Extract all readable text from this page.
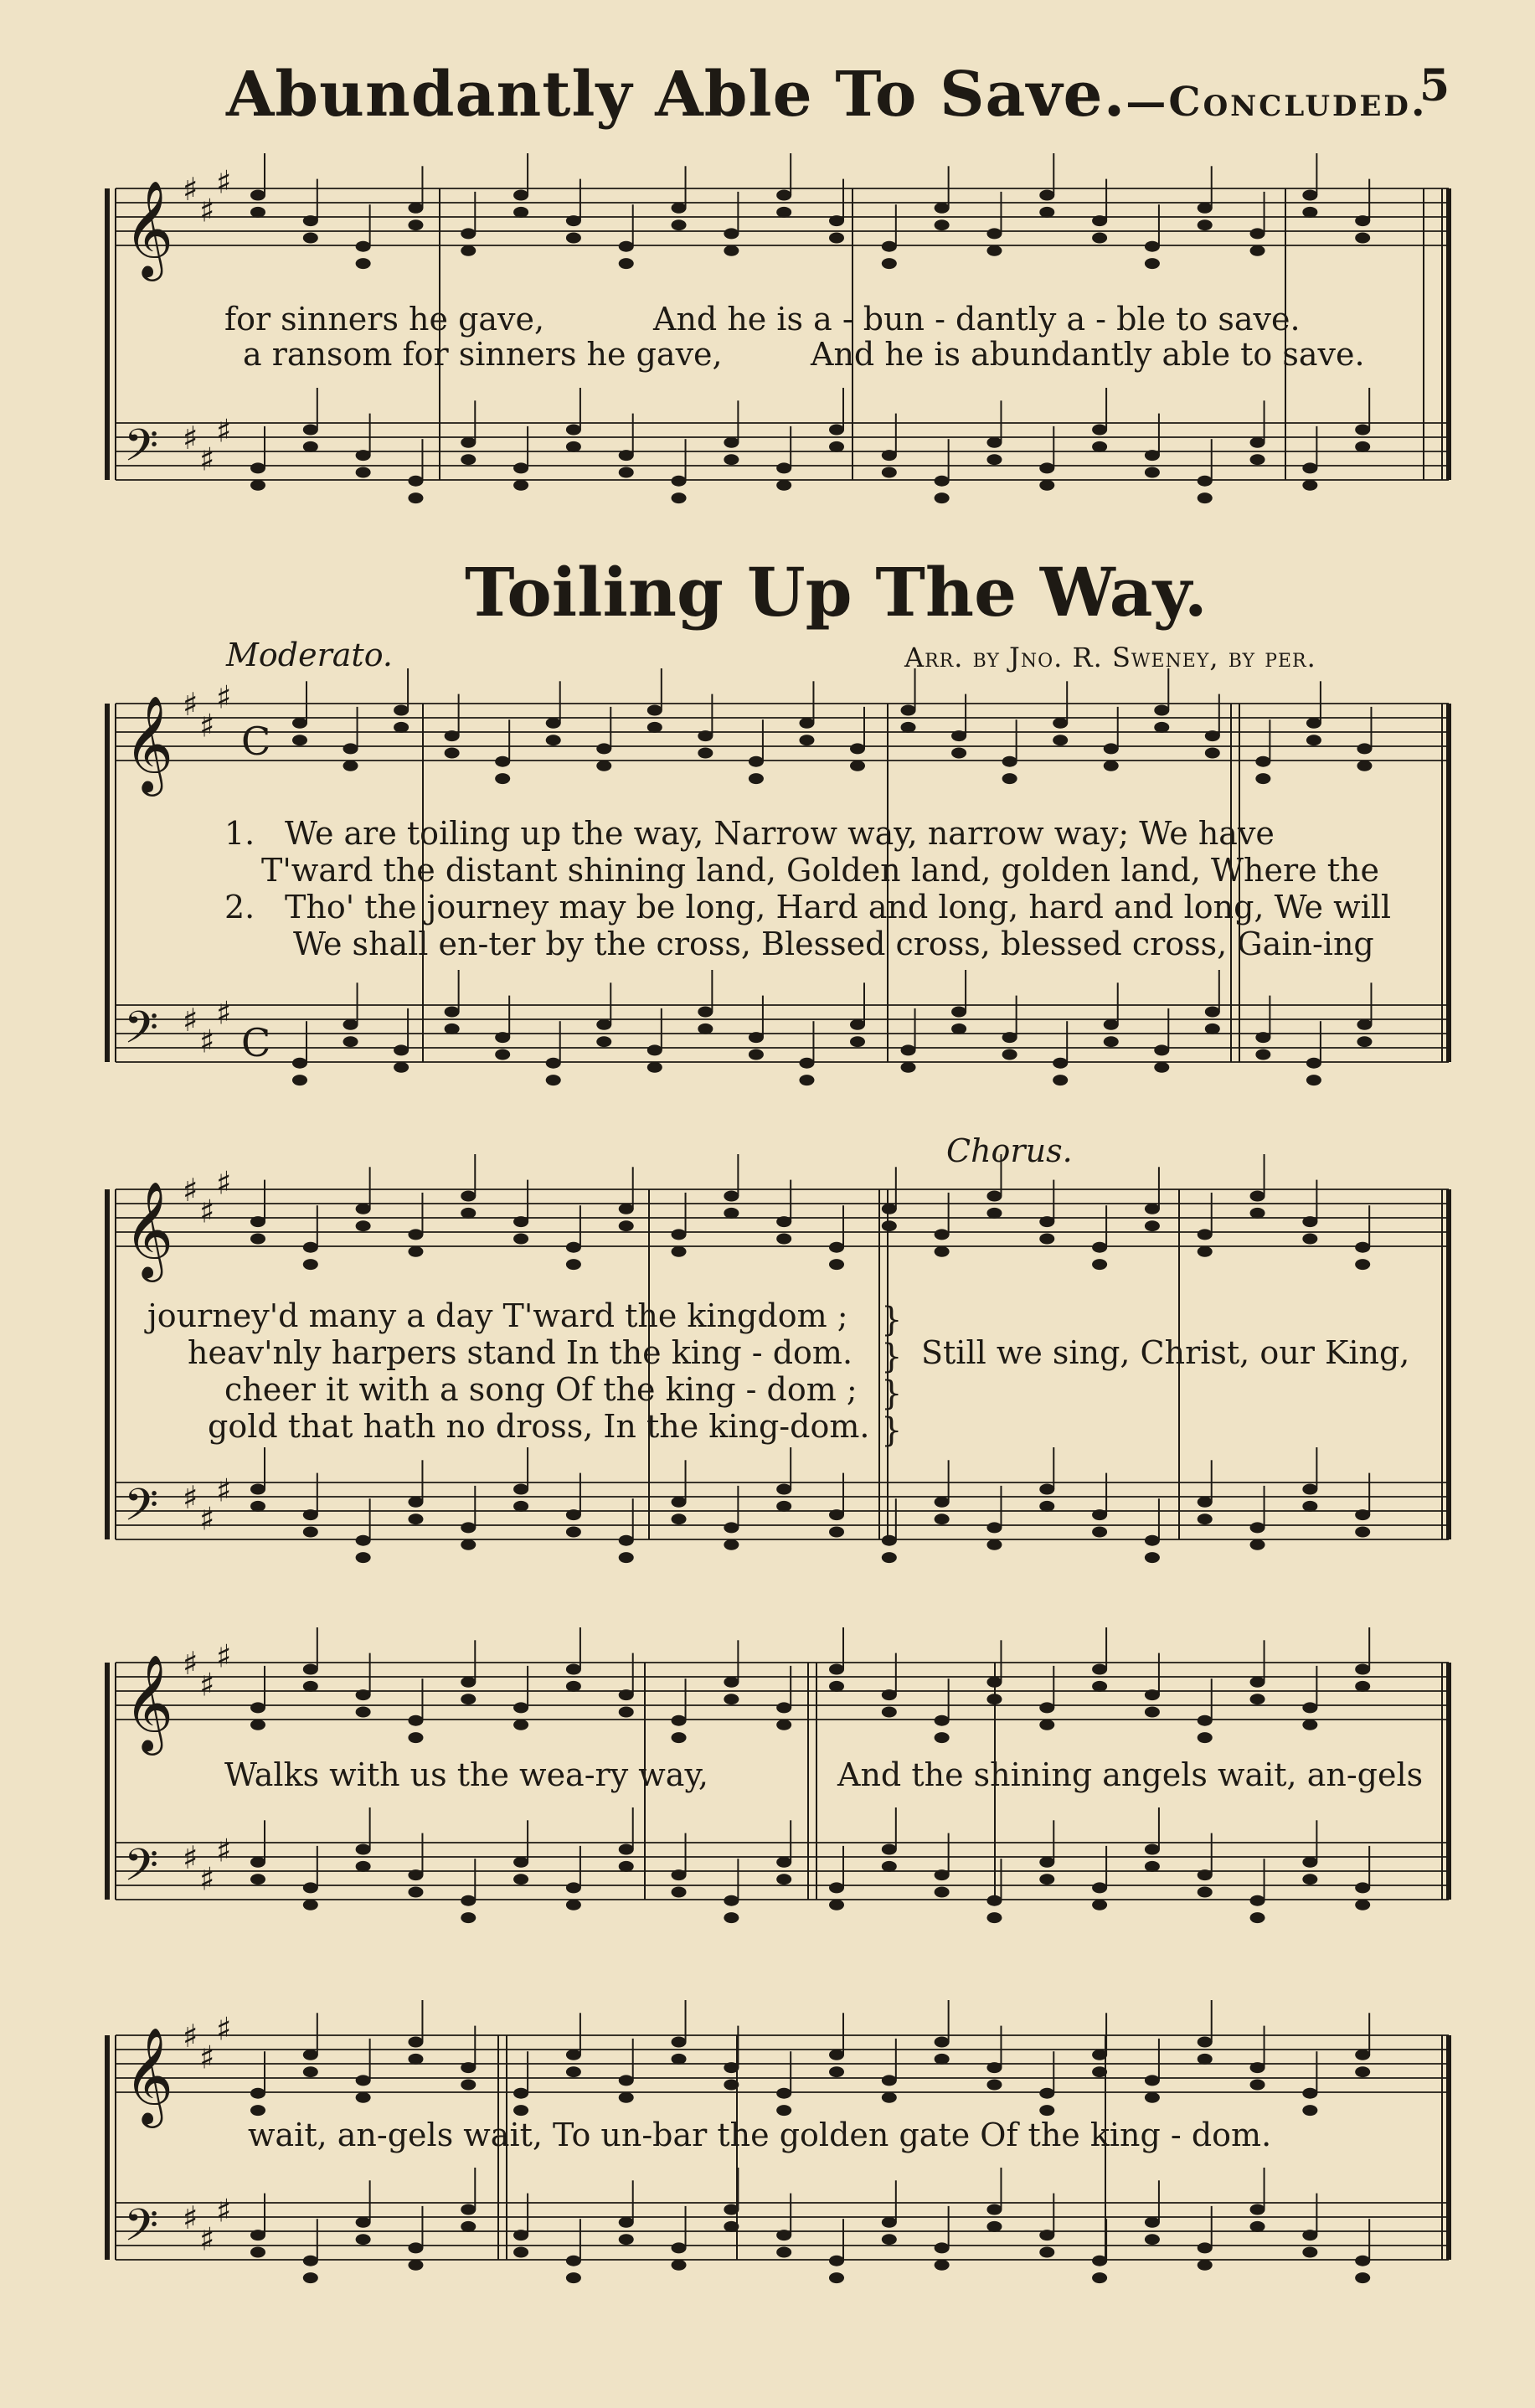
Abundantly Able To Save.—Concluded.
5
Toiling Up The Way.
Moderato.	Arr. by Jno. R. Sweney, by per.
Chorus.
for sinners he gave,	And he is a - bun - dantly a - ble to save.
a ransom for sinners he gave,	And he is abundantly able to save.
1. We are toiling up the way, Narrow way, narrow way; We have
T'ward the distant shining land, Golden land, golden land, Where the
2. Tho' the journey may be long, Hard and long, hard and long, We will
We shall en-ter by the cross, Blessed cross, blessed cross, Gain-ing
journey'd many a day T'ward the kingdom ;
heav'nly harpers stand In the king - dom.
cheer it with a song Of the king - dom ;
gold that hath no dross, In the king-dom.
}
}
}
}
Still we sing, Christ, our King,
Walks with us the wea-ry way,	And the shining angels wait, an-gels
wait, an-gels wait, To un-bar the golden gate Of the king - dom.
𝄞 ♯
♯
♯
𝄢 ♯
♯
♯
𝄞 ♯
♯
♯
C
𝄢 ♯
♯
♯
C
𝄞 ♯
♯
♯
𝄢 ♯
♯
♯
𝄞 ♯
♯
♯
𝄢 ♯
♯
♯
𝄞 ♯
♯
♯
𝄢 ♯
♯
♯
